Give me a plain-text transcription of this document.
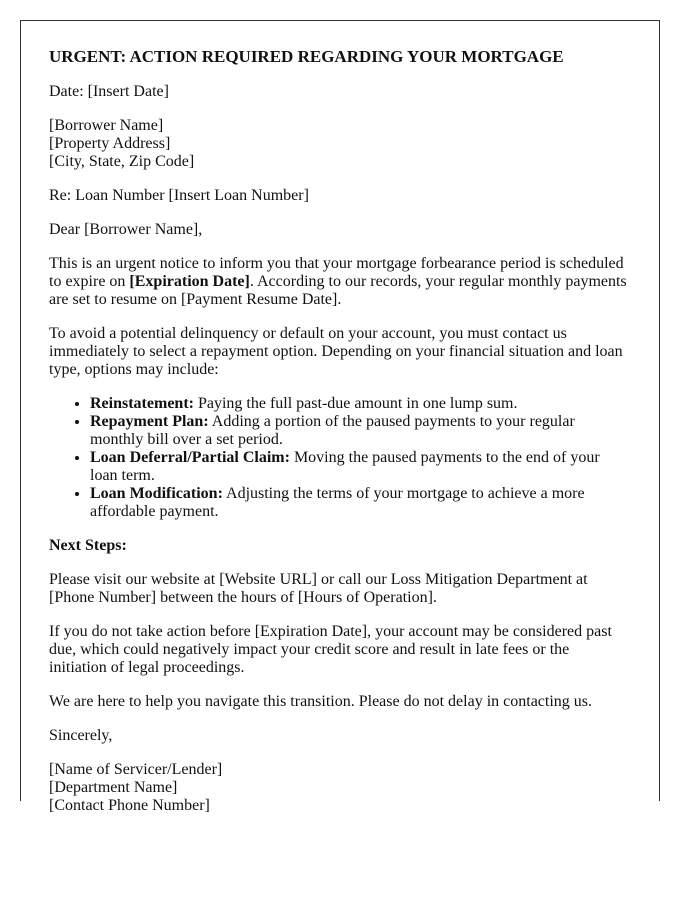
URGENT: ACTION REQUIRED REGARDING YOUR MORTGAGE

Date: [Insert Date]

[Borrower Name]
[Property Address]
[City, State, Zip Code]

Re: Loan Number [Insert Loan Number]

Dear [Borrower Name],

This is an urgent notice to inform you that your mortgage forbearance period is scheduled to expire on [Expiration Date]. According to our records, your regular monthly payments are set to resume on [Payment Resume Date].

To avoid a potential delinquency or default on your account, you must contact us immediately to select a repayment option. Depending on your financial situation and loan type, options may include:

• Reinstatement: Paying the full past-due amount in one lump sum.
• Repayment Plan: Adding a portion of the paused payments to your regular monthly bill over a set period.
• Loan Deferral/Partial Claim: Moving the paused payments to the end of your loan term.
• Loan Modification: Adjusting the terms of your mortgage to achieve a more affordable payment.

Next Steps:

Please visit our website at [Website URL] or call our Loss Mitigation Department at [Phone Number] between the hours of [Hours of Operation].

If you do not take action before [Expiration Date], your account may be considered past due, which could negatively impact your credit score and result in late fees or the initiation of legal proceedings.

We are here to help you navigate this transition. Please do not delay in contacting us.

Sincerely,

[Name of Servicer/Lender]
[Department Name]
[Contact Phone Number]
